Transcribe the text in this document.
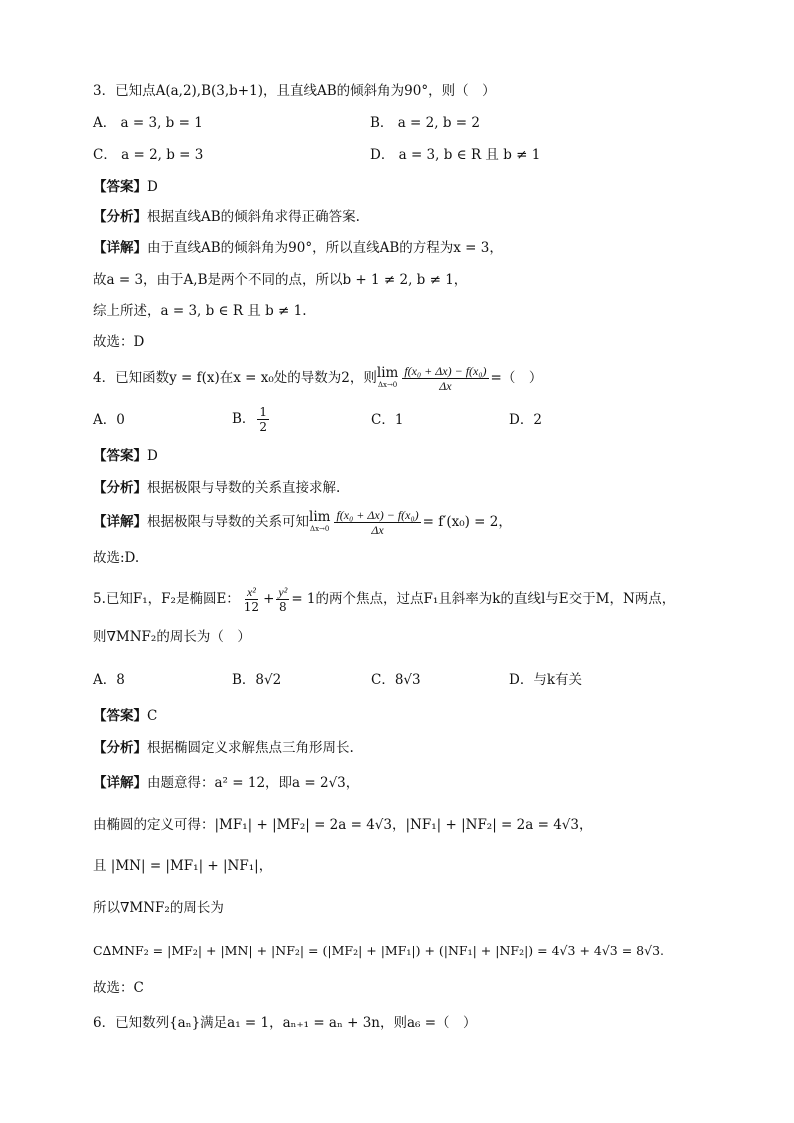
3．已知点A(a,2),B(3,b+1)，且直线AB的倾斜角为90°，则（　）
A． a = 3, b = 1	B． a = 2, b = 2
C． a = 2, b = 3	D． a = 3, b ∈ R 且 b ≠ 1
【答案】D
【分析】根据直线AB的倾斜角求得正确答案.
【详解】由于直线AB的倾斜角为90°，所以直线AB的方程为x = 3，
故a = 3，由于A,B是两个不同的点，所以b + 1 ≠ 2, b ≠ 1，
综上所述，a = 3, b ∈ R 且 b ≠ 1.
故选：D
4．已知函数y = f(x)在x = x₀处的导数为2，则 lim
$\Delta x\to 0 \frac{\text{f(x₀ + Δx) − f(x₀)}}{\Delta x}$ =（　）
A．0	B． $\frac{1}{2}$	C．1	D．2
【答案】D
【分析】根据极限与导数的关系直接求解.
【详解】根据极限与导数的关系可知 lim
$\Delta x\to 0 \frac{\text{f(x₀ + Δx) − f(x₀)}}{\Delta x} = f'(x_0) = 2$，
故选:D.
5.已知F₁，F₂是椭圆E： $\frac{\text{x²}}{12} + \frac{\text{y²}}{8} = 1$的两个焦点，过点F₁且斜率为k的直线l与E交于M，N两点，
则∇MNF₂的周长为（　）
A．8	B．8√2	C．8√3	D．与k有关
【答案】C
【分析】根据椭圆定义求解焦点三角形周长.
【详解】由题意得：a² = 12，即a = 2√3，
由椭圆的定义可得：|MF₁| + |MF₂| = 2a = 4√3，|NF₁| + |NF₂| = 2a = 4√3，
且 |MN| = |MF₁| + |NF₁|，
所以∇MNF₂的周长为
C∆MNF₂ = |MF₂| + |MN| + |NF₂| = (|MF₂| + |MF₁|) + (|NF₁| + |NF₂|) = 4√3 + 4√3 = 8√3.
故选：C
6．已知数列{aₙ}满足a₁ = 1，aₙ₊₁ = aₙ + 3n，则a₆ =（　）
